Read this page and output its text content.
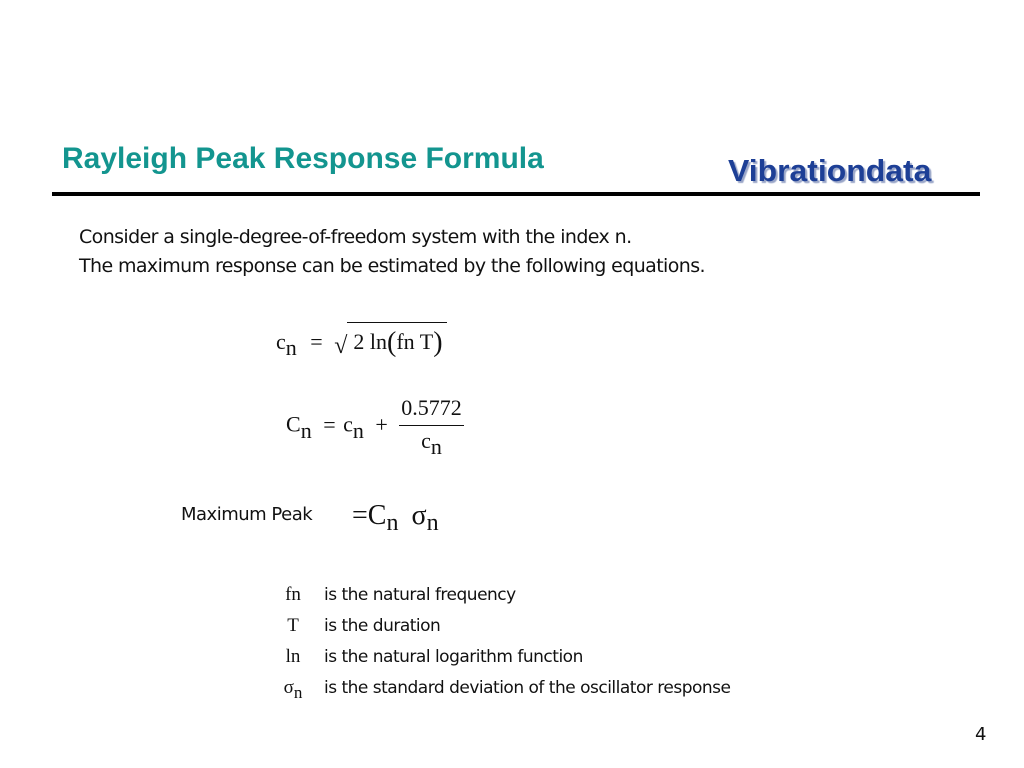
Rayleigh Peak Response Formula	Vibrationdata
Consider a single-degree-of-freedom system with the index n.
The maximum response can be estimated by the following equations.
cn = √ 2 ln(fn T)
Cn = cn + $\frac{0.5772}{cn}$
Maximum Peak =Cn σn
fn	is the natural frequency
T	is the duration
ln	is the natural logarithm function
σn	is the standard deviation of the oscillator response
4
